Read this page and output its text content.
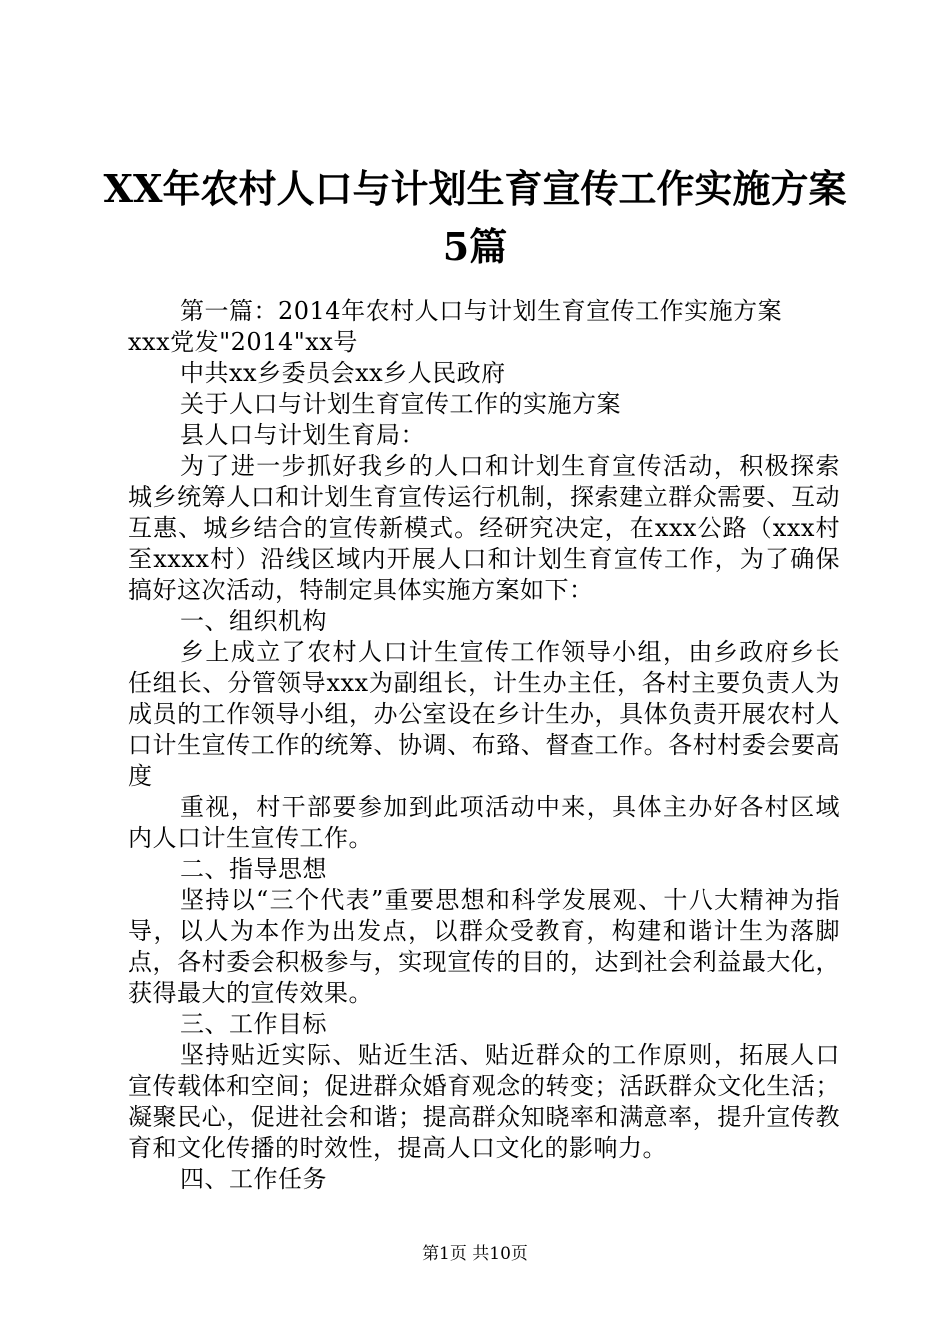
XX年农村人口与计划生育宣传工作实施方案5篇

第一篇：2014年农村人口与计划生育宣传工作实施方案

xxx党发"2014"xx号

中共xx乡委员会xx乡人民政府

关于人口与计划生育宣传工作的实施方案

县人口与计划生育局：

为了进一步抓好我乡的人口和计划生育宣传活动，积极探索城乡统筹人口和计划生育宣传运行机制，探索建立群众需要、互动互惠、城乡结合的宣传新模式。经研究决定，在xxx公路（xxx村至xxxx村）沿线区域内开展人口和计划生育宣传工作，为了确保搞好这次活动，特制定具体实施方案如下：

一、组织机构

乡上成立了农村人口计生宣传工作领导小组，由乡政府乡长任组长、分管领导xxx为副组长，计生办主任，各村主要负责人为成员的工作领导小组，办公室设在乡计生办，具体负责开展农村人口计生宣传工作的统筹、协调、布臵、督查工作。各村村委会要高度

重视，村干部要参加到此项活动中来，具体主办好各村区域内人口计生宣传工作。

二、指导思想

坚持以“三个代表”重要思想和科学发展观、十八大精神为指导，以人为本作为出发点，以群众受教育，构建和谐计生为落脚点，各村委会积极参与，实现宣传的目的，达到社会利益最大化，获得最大的宣传效果。

三、工作目标

坚持贴近实际、贴近生活、贴近群众的工作原则，拓展人口宣传载体和空间；促进群众婚育观念的转变；活跃群众文化生活；凝聚民心，促进社会和谐；提高群众知晓率和满意率，提升宣传教育和文化传播的时效性，提高人口文化的影响力。

四、工作任务

第1页 共10页
